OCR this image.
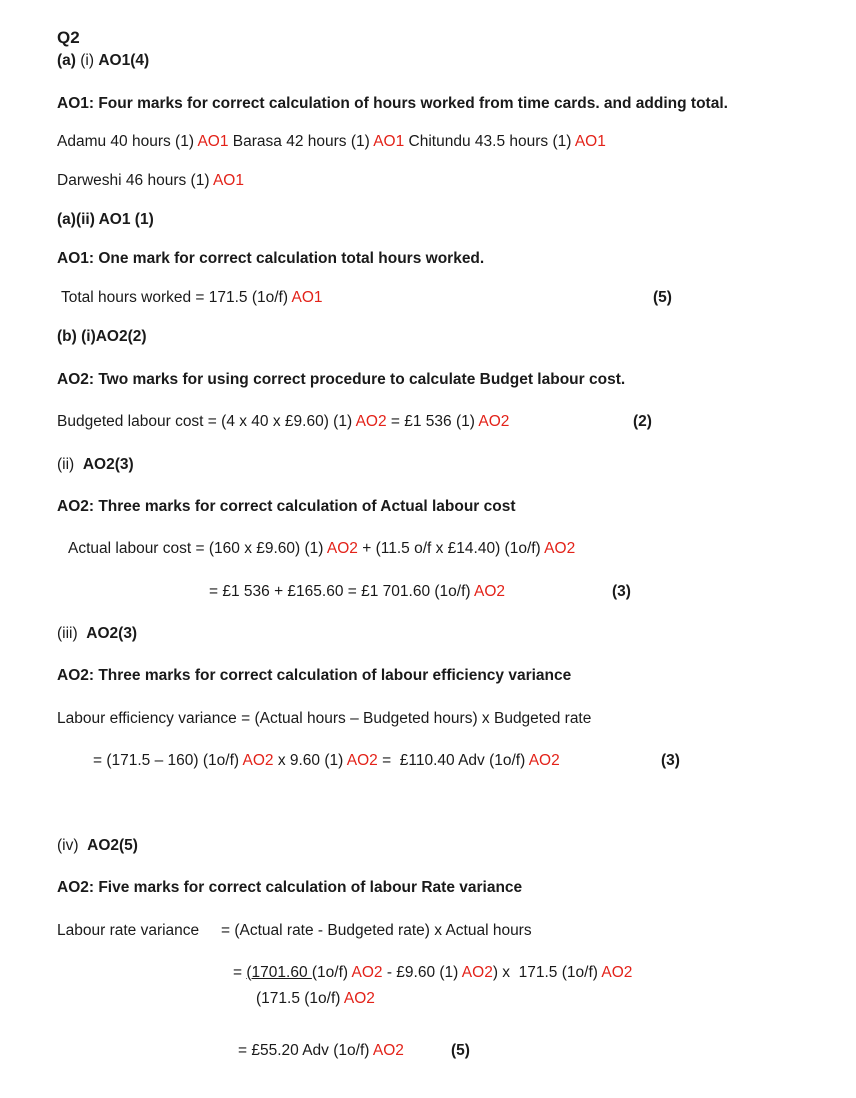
Q2
(a) (i) AO1(4)
AO1: Four marks for correct calculation of hours worked from time cards. and adding total.
Adamu 40 hours (1) AO1 Barasa 42 hours (1) AO1 Chitundu 43.5 hours (1) AO1
Darweshi 46 hours (1) AO1
(a)(ii) AO1 (1)
AO1: One mark for correct calculation total hours worked.
Total hours worked = 171.5 (1o/f) AO1	(5)
(b) (i)AO2(2)
AO2: Two marks for using correct procedure to calculate Budget labour cost.
Budgeted labour cost = (4 x 40 x £9.60) (1) AO2 = £1 536 (1) AO2	(2)
(ii)  AO2(3)
AO2: Three marks for correct calculation of Actual labour cost
Actual labour cost = (160 x £9.60) (1) AO2 + (11.5 o/f x £14.40) (1o/f) AO2
= £1 536 + £165.60 = £1 701.60 (1o/f) AO2	(3)
(iii)  AO2(3)
AO2: Three marks for correct calculation of labour efficiency variance
Labour efficiency variance = (Actual hours – Budgeted hours) x Budgeted rate
= (171.5 – 160) (1o/f) AO2 x 9.60 (1) AO2 =  £110.40 Adv (1o/f) AO2	(3)
(iv)  AO2(5)
AO2: Five marks for correct calculation of labour Rate variance
Labour rate variance = (Actual rate - Budgeted rate) x Actual hours
= (1701.60 (1o/f) AO2 - £9.60 (1) AO2) x  171.5 (1o/f) AO2
(171.5 (1o/f) AO2
= £55.20 Adv (1o/f) AO2	(5)
